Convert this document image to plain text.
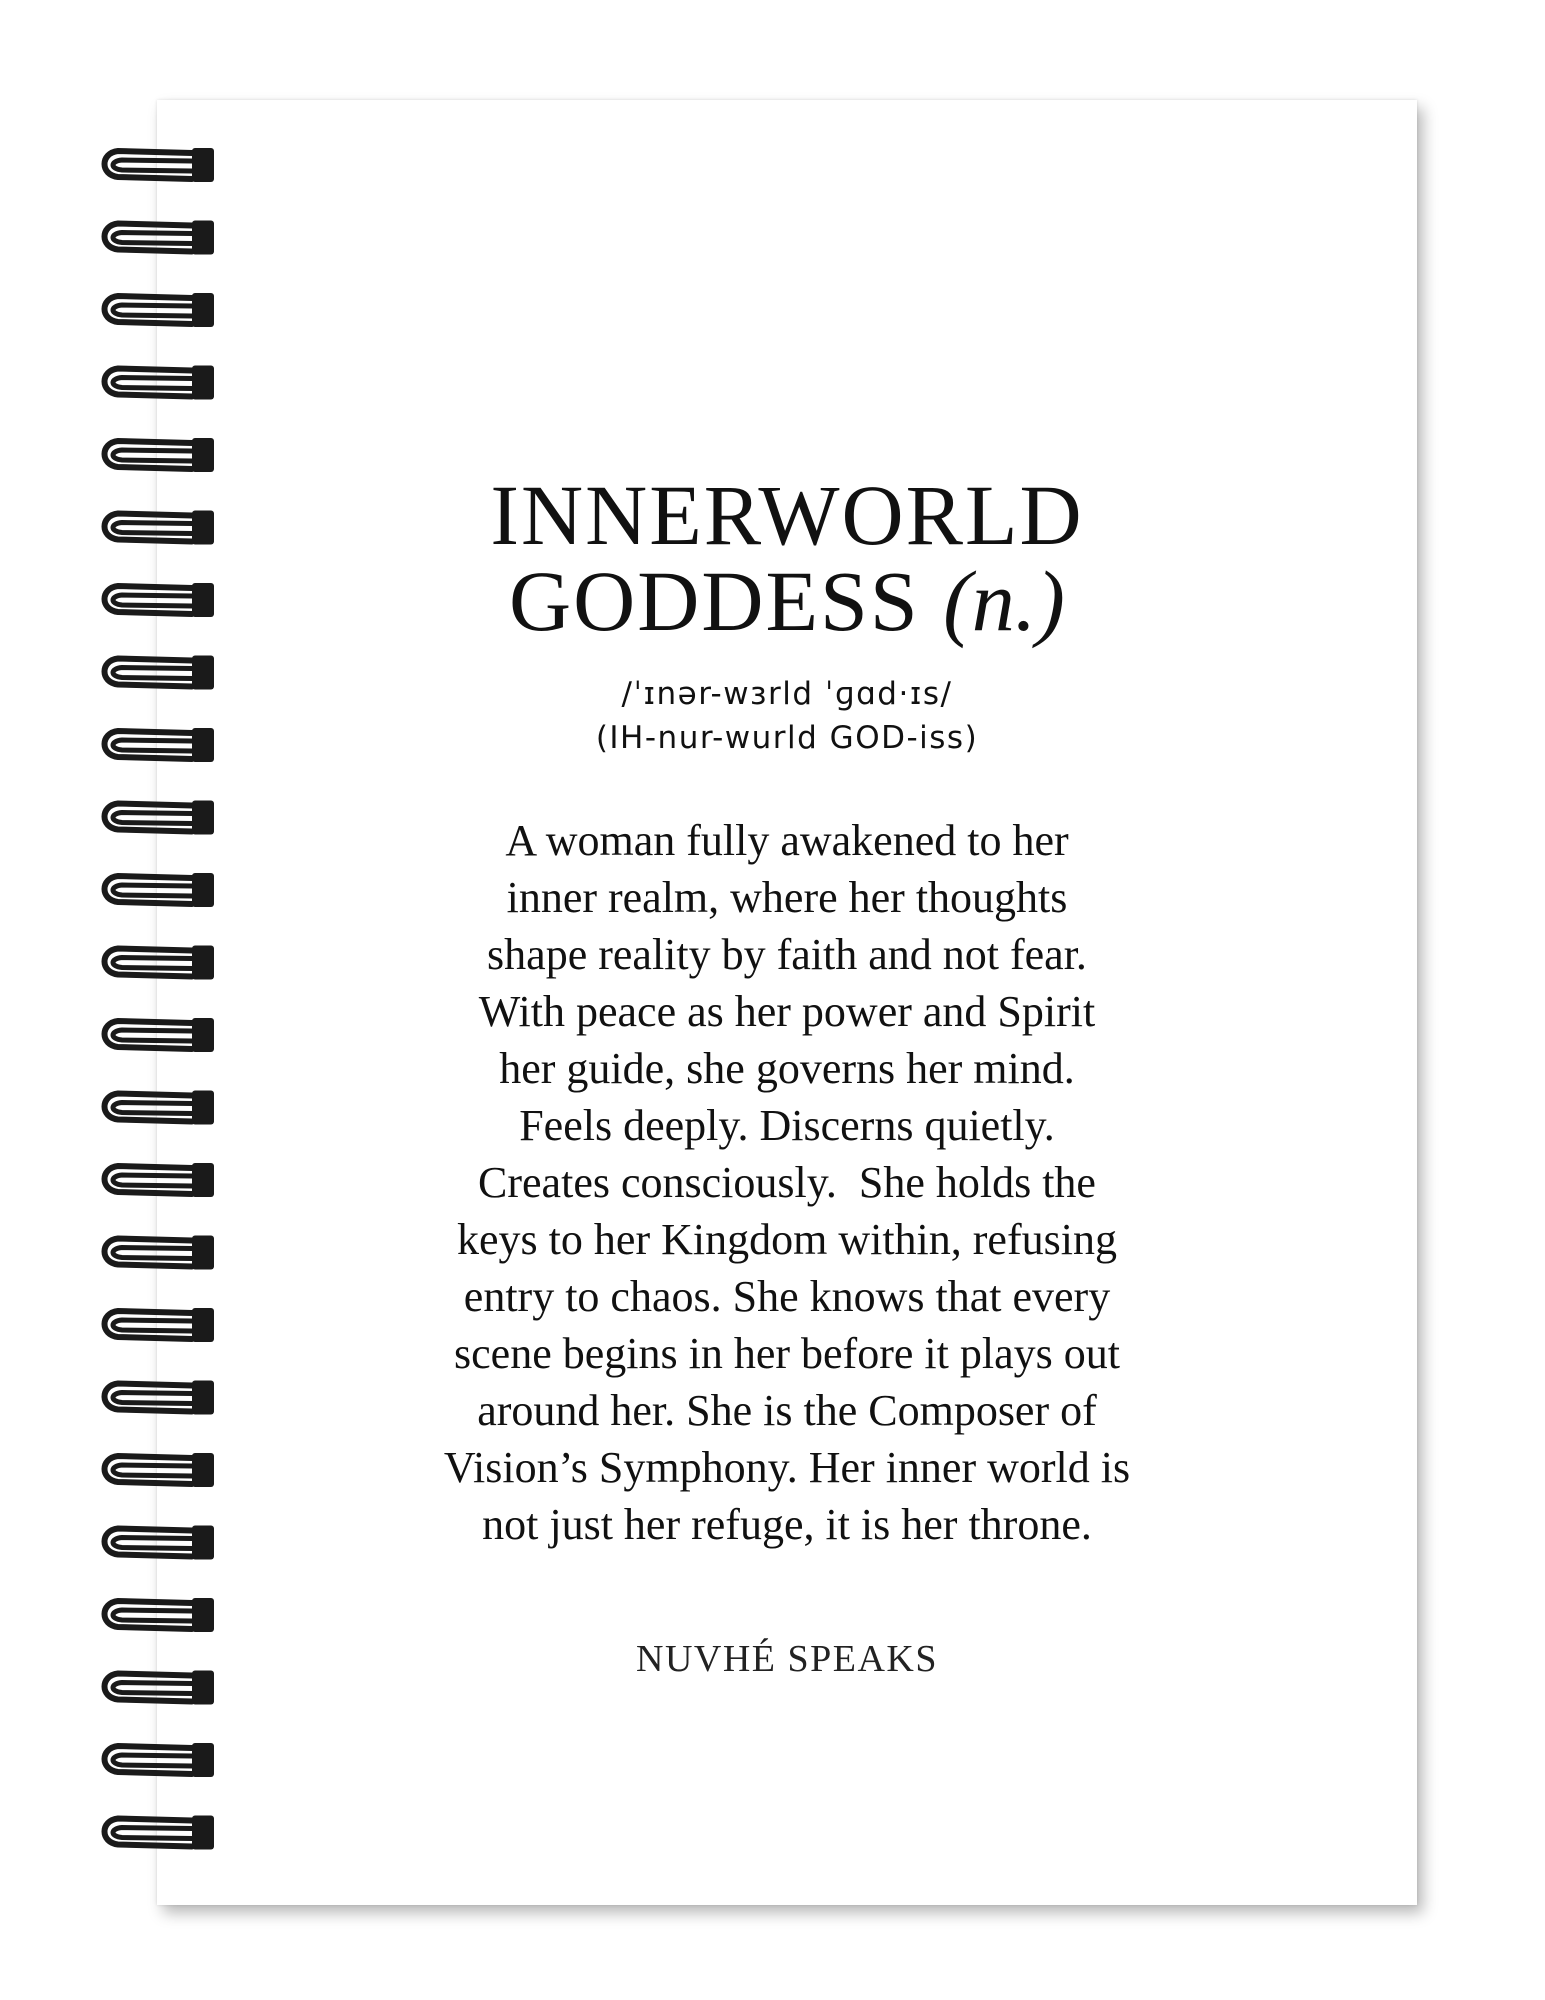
INNERWORLD
GODDESS (n.)
/ˈɪnər-wɜrld ˈɡɑd·ɪs/
(IH-nur-wurld GOD-iss)
A woman fully awakened to her
inner realm, where her thoughts
shape reality by faith and not fear.
With peace as her power and Spirit
her guide, she governs her mind.
Feels deeply. Discerns quietly.
Creates consciously.  She holds the
keys to her Kingdom within, refusing
entry to chaos. She knows that every
scene begins in her before it plays out
around her. She is the Composer of
Vision’s Symphony. Her inner world is
not just her refuge, it is her throne.
NUVHÉ SPEAKS
